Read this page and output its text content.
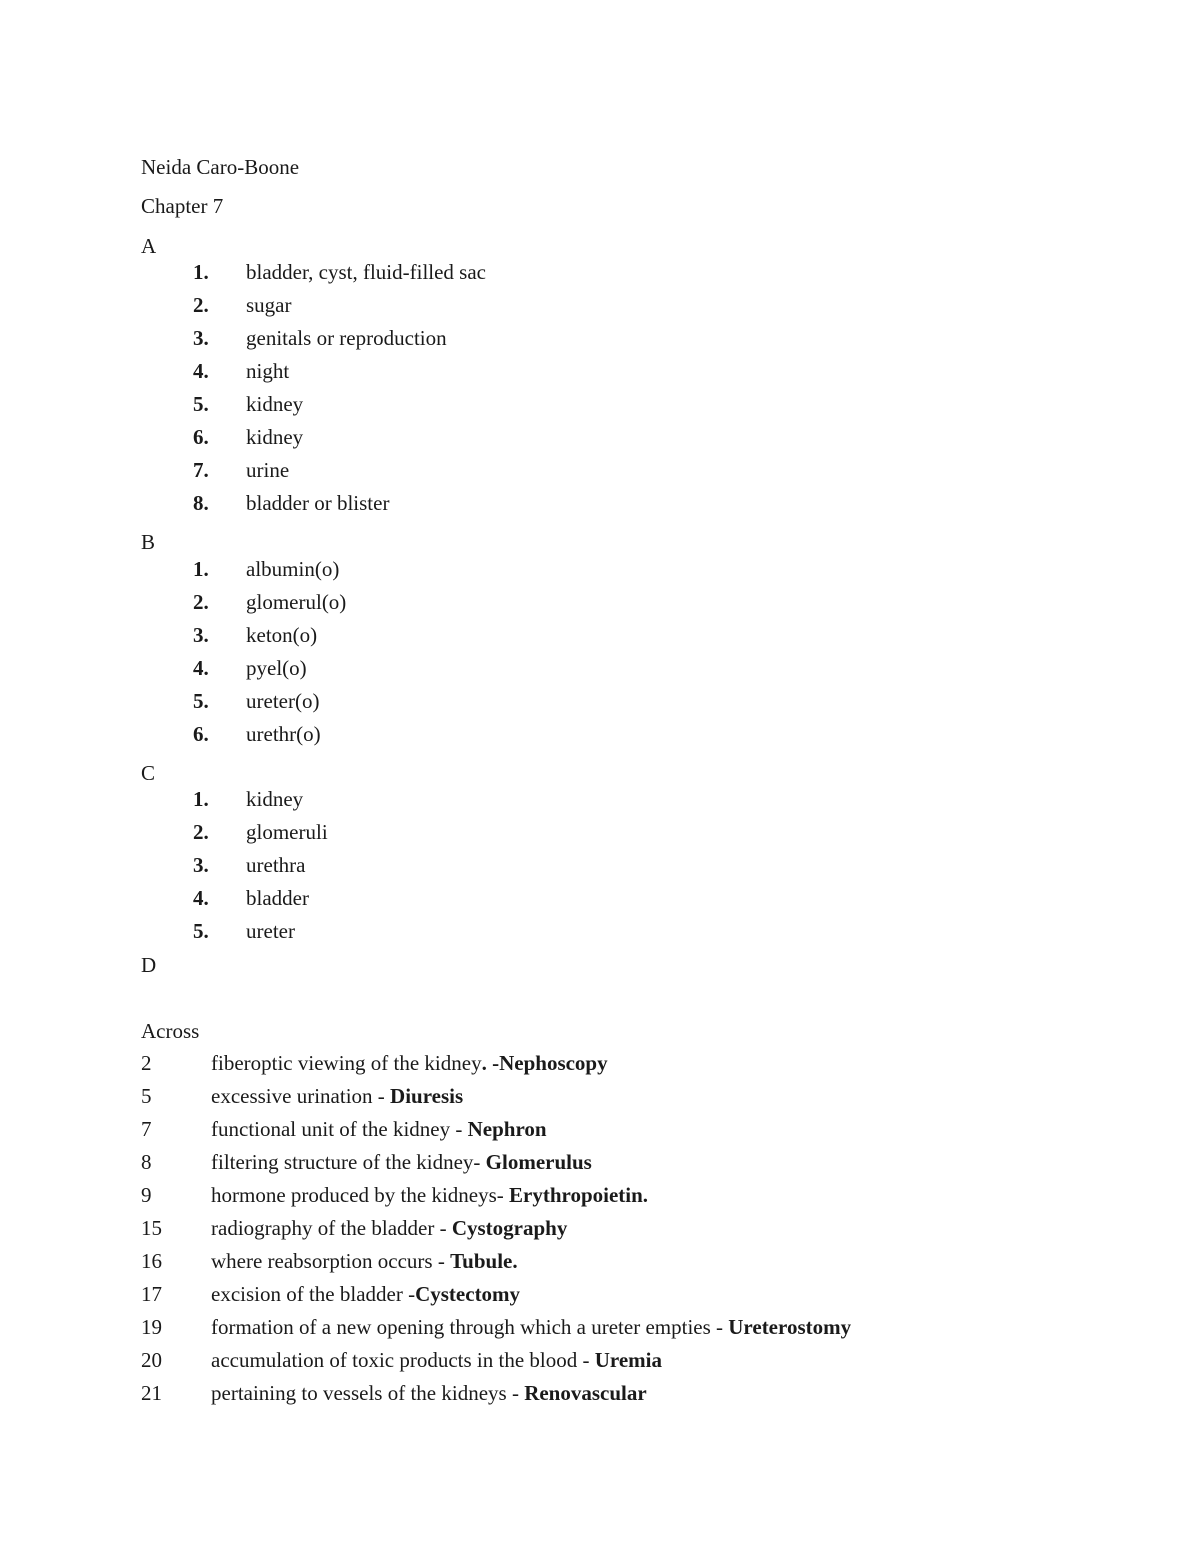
Neida Caro-Boone
Chapter 7
A
1. bladder, cyst, fluid-filled sac
2. sugar
3. genitals or reproduction
4. night
5. kidney
6. kidney
7. urine
8. bladder or blister
B
1. albumin(o)
2. glomerul(o)
3. keton(o)
4. pyel(o)
5. ureter(o)
6. urethr(o)
C
1. kidney
2. glomeruli
3. urethra
4. bladder
5. ureter
D
Across
2	fiberoptic viewing of the kidney. -Nephoscopy
5	excessive urination - Diuresis
7	functional unit of the kidney - Nephron
8	filtering structure of the kidney- Glomerulus
9	hormone produced by the kidneys- Erythropoietin.
15 radiography of the bladder - Cystography
16 where reabsorption occurs - Tubule.
17 excision of the bladder -Cystectomy
19 formation of a new opening through which a ureter empties - Ureterostomy
20 accumulation of toxic products in the blood - Uremia
21 pertaining to vessels of the kidneys - Renovascular
